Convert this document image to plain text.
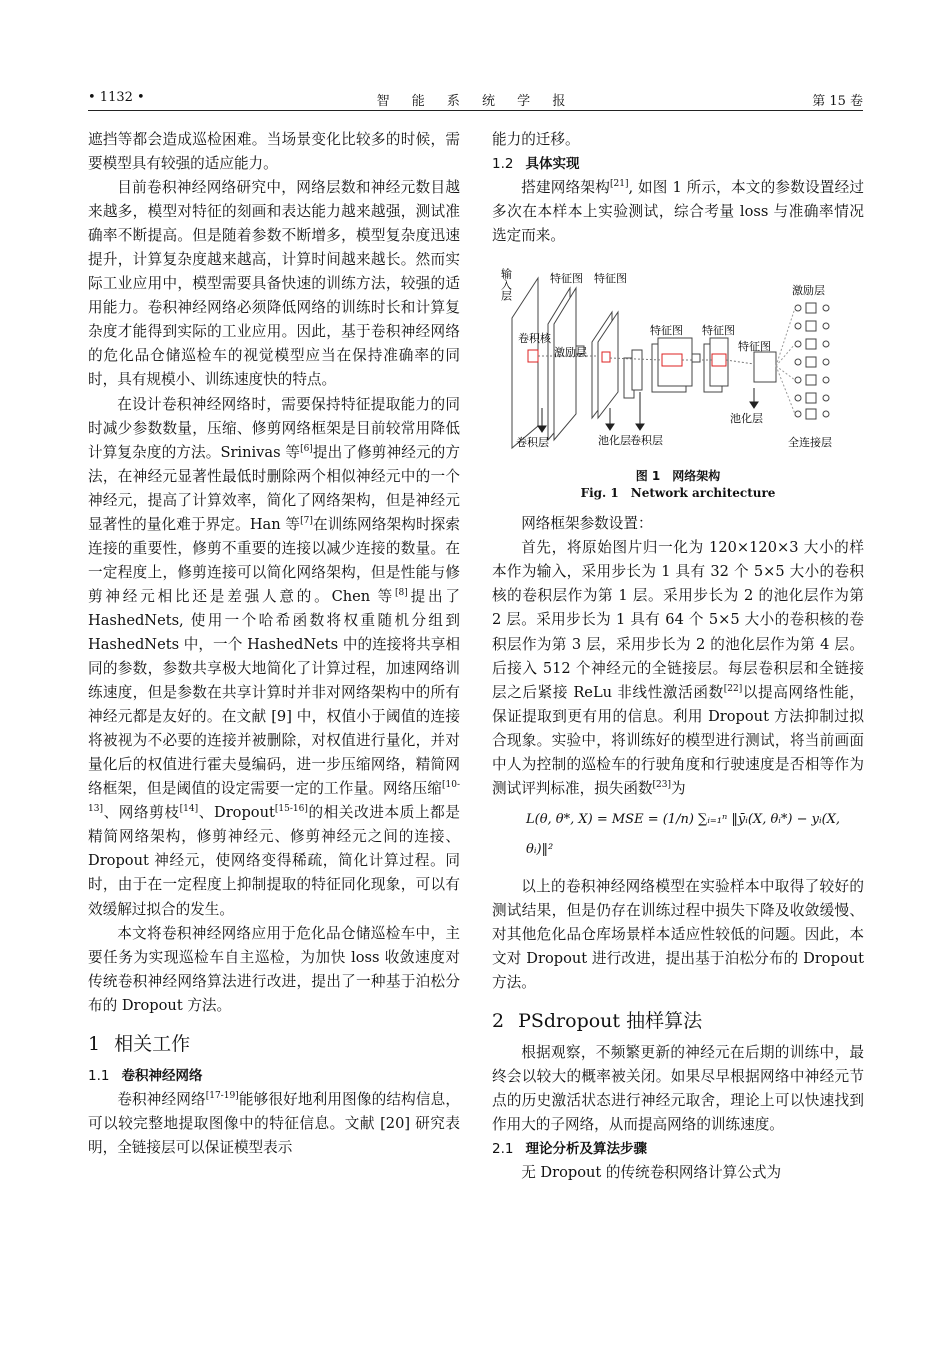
• 1132 •	智 能 系 统 学 报	第 15 卷

遮挡等都会造成巡检困难。当场景变化比较多的时候，需要模型具有较强的适应能力。

目前卷积神经网络研究中，网络层数和神经元数目越来越多，模型对特征的刻画和表达能力越来越强，测试准确率不断提高。但是随着参数不断增多，模型复杂度迅速提升，计算复杂度越来越高，计算时间越来越长。然而实际工业应用中，模型需要具备快速的训练方法，较强的适用能力。卷积神经网络必须降低网络的训练时长和计算复杂度才能得到实际的工业应用。因此，基于卷积神经网络的危化品仓储巡检车的视觉模型应当在保持准确率的同时，具有规模小、训练速度快的特点。

在设计卷积神经网络时，需要保持特征提取能力的同时减少参数数量，压缩、修剪网络框架是目前较常用降低计算复杂度的方法。Srinivas 等[6]提出了修剪神经元的方法，在神经元显著性最低时删除两个相似神经元中的一个神经元，提高了计算效率，简化了网络架构，但是神经元显著性的量化难于界定。Han 等[7]在训练网络架构时探索连接的重要性，修剪不重要的连接以减少连接的数量。在一定程度上，修剪连接可以简化网络架构，但是性能与修剪神经元相比还是差强人意的。Chen 等[8]提出了 HashedNets, 使用一个哈希函数将权重随机分组到 HashedNets 中，一个 HashedNets 中的连接将共享相同的参数，参数共享极大地简化了计算过程，加速网络训练速度，但是参数在共享计算时并非对网络架构中的所有神经元都是友好的。在文献 [9] 中，权值小于阈值的连接将被视为不必要的连接并被删除，对权值进行量化，并对量化后的权值进行霍夫曼编码，进一步压缩网络，精简网络框架，但是阈值的设定需要一定的工作量。网络压缩[10-13]、网络剪枝[14]、Dropout[15-16]的相关改进本质上都是精简网络架构，修剪神经元、修剪神经元之间的连接、Dropout 神经元，使网络变得稀疏，简化计算过程。同时，由于在一定程度上抑制提取的特征同化现象，可以有效缓解过拟合的发生。

本文将卷积神经网络应用于危化品仓储巡检车中，主要任务为实现巡检车自主巡检，为加快 loss 收敛速度对传统卷积神经网络算法进行改进，提出了一种基于泊松分布的 Dropout 方法。

1 相关工作
1.1 卷积神经网络

卷积神经网络[17-19]能够很好地利用图像的结构信息，可以较完整地提取图像中的特征信息。文献 [20] 研究表明，全链接层可以保证模型表示

能力的迁移。

1.2 具体实现

搭建网络架构[21], 如图 1 所示，本文的参数设置经过多次在本样本上实验测试，综合考量 loss 与准确率情况选定而来。

输入层	特征图 特征图
特征图 特征图
特征图
激励层
卷积核
激励层
卷积层	池化层 卷积层
池化层
全连接层
图 1　网络架构
Fig. 1　Network architecture

网络框架参数设置：

首先，将原始图片归一化为 120×120×3 大小的样本作为输入，采用步长为 1 具有 32 个 5×5 大小的卷积核的卷积层作为第 1 层。采用步长为 2 的池化层作为第 2 层。采用步长为 1 具有 64 个 5×5 大小的卷积核的卷积层作为第 3 层，采用步长为 2 的池化层作为第 4 层。后接入 512 个神经元的全链接层。每层卷积层和全链接层之后紧接 ReLu 非线性激活函数[22]以提高网络性能，保证提取到更有用的信息。利用 Dropout 方法抑制过拟合现象。实验中，将训练好的模型进行测试，将当前画面中人为控制的巡检车的行驶角度和行驶速度是否相等作为测试评判标准，损失函数[23]为

L(θ, θ*, X) = MSE = (1/n) ∑ᵢ₌₁ⁿ ‖ȳᵢ(X, θᵢ*) − yᵢ(X, θᵢ)‖²

以上的卷积神经网络模型在实验样本中取得了较好的测试结果，但是仍存在训练过程中损失下降及收敛缓慢、对其他危化品仓库场景样本适应性较低的问题。因此，本文对 Dropout 进行改进，提出基于泊松分布的 Dropout 方法。

2 PSdropout 抽样算法

根据观察，不频繁更新的神经元在后期的训练中，最终会以较大的概率被关闭。如果尽早根据网络中神经元节点的历史激活状态进行神经元取舍，理论上可以快速找到作用大的子网络，从而提高网络的训练速度。

2.1 理论分析及算法步骤

无 Dropout 的传统卷积网络计算公式为
